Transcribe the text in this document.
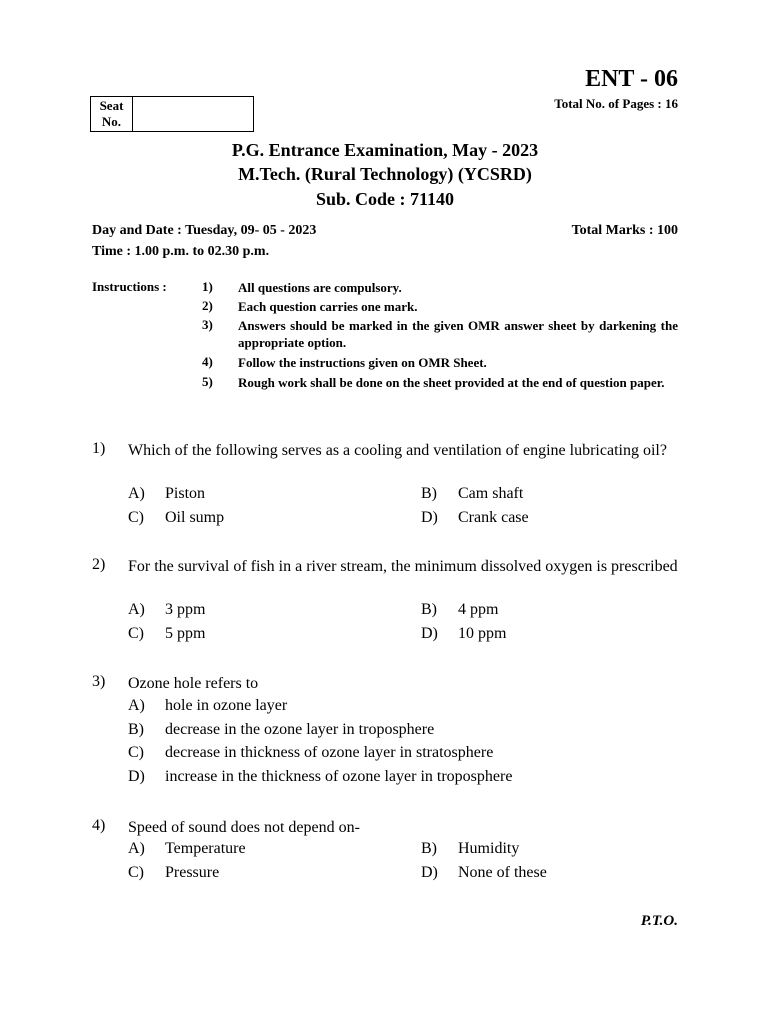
ENT - 06
Total No. of Pages : 16
Seat
No.
P.G. Entrance Examination, May - 2023
M.Tech. (Rural Technology) (YCSRD)
Sub. Code : 71140
Day and Date : Tuesday, 09- 05 - 2023
Time : 1.00 p.m. to 02.30 p.m.
Total Marks : 100
Instructions :	1) All questions are compulsory.
2) Each question carries one mark.
3) Answers should be marked in the given OMR answer sheet by darkening the appropriate option.
4) Follow the instructions given on OMR Sheet.
5) Rough work shall be done on the sheet provided at the end of question paper.
1) Which of the following serves as a cooling and ventilation of engine lubricating oil?
A) Piston	B) Cam shaft
C) Oil sump	D) Crank case
2) For the survival of fish in a river stream, the minimum dissolved oxygen is prescribed
A) 3 ppm	B) 4 ppm
C) 5 ppm	D) 10 ppm
3) Ozone hole refers to
A) hole in ozone layer
B) decrease in the ozone layer in troposphere
C) decrease in thickness of ozone layer in stratosphere
D) increase in the thickness of ozone layer in troposphere
4) Speed of sound does not depend on-
A) Temperature	B) Humidity
C) Pressure	D) None of these
P.T.O.
